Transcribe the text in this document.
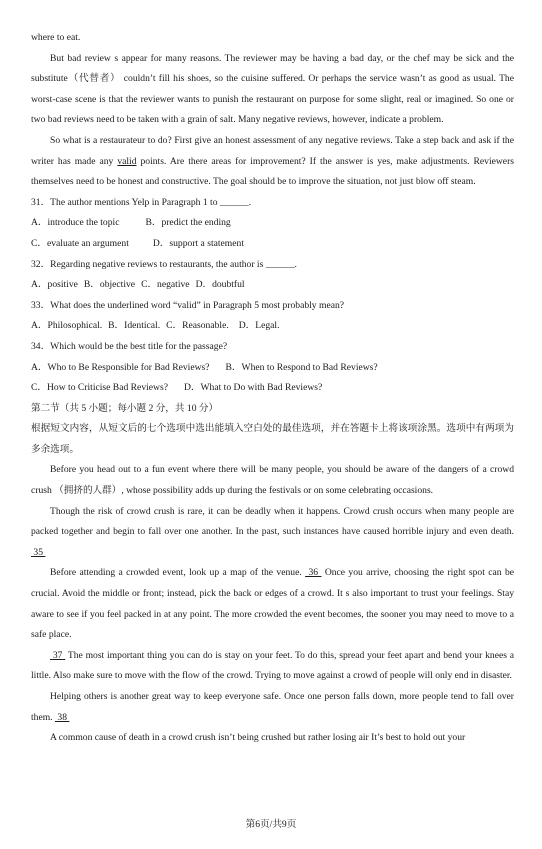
where to eat.

But bad review s appear for many reasons. The reviewer may be having a bad day, or the chef may be sick and the substitute（代替者） couldn’t fill his shoes, so the cuisine suffered. Or perhaps the service wasn’t as good as usual. The worst-case scene is that the reviewer wants to punish the restaurant on purpose for some slight, real or imagined. So one or two bad reviews need to be taken with a grain of salt. Many negative reviews, however, indicate a problem.

So what is a restaurateur to do? First give an honest assessment of any negative reviews. Take a step back and ask if the writer has made any valid points. Are there areas for improvement? If the answer is yes, make adjustments. Reviewers themselves need to be honest and constructive. The goal should be to improve the situation, not just blow off steam.

31．The author mentions Yelp in Paragraph 1 to ______.

A．introduce the topic	B．predict the ending

C．evaluate an argument	D．support a statement

32．Regarding negative reviews to restaurants, the author is ______.

A．positive B．objective C．negative D．doubtful

33．What does the underlined word “valid” in Paragraph 5 most probably mean?

A．Philosophical. B．Identical. C．Reasonable. D．Legal.

34．Which would be the best title for the passage?

A．Who to Be Responsible for Bad Reviews? B．When to Respond to Bad Reviews?

C．How to Criticise Bad Reviews? D．What to Do with Bad Reviews?

第二节（共 5 小题；每小题 2 分，共 10 分）

根据短文内容，从短文后的七个选项中选出能填入空白处的最佳选项，并在答题卡上将该项涂黑。选项中有两项为多余选项。

Before you head out to a fun event where there will be many people, you should be aware of the dangers of a crowd crush （拥挤的人群）, whose possibility adds up during the festivals or on some celebrating occasions.

Though the risk of crowd crush is rare, it can be deadly when it happens. Crowd crush occurs when many people are packed together and begin to fall over one another. In the past, such instances have caused horrible injury and even death.  35

Before attending a crowded event, look up a map of the venue.  36  Once you arrive, choosing the right spot can be crucial. Avoid the middle or front; instead, pick the back or edges of a crowd. It s also important to trust your feelings. Stay aware to see if you feel packed in at any point. The more crowded the event becomes, the sooner you may need to move to a safe place.

37  The most important thing you can do is stay on your feet. To do this, spread your feet apart and bend your knees a little. Also make sure to move with the flow of the crowd. Trying to move against a crowd of people will only end in disaster.

Helping others is another great way to keep everyone safe. Once one person falls down, more people tend to fall over them.  38

A common cause of death in a crowd crush isn’t being crushed but rather losing air It’s best to hold out your

第6页/共9页
